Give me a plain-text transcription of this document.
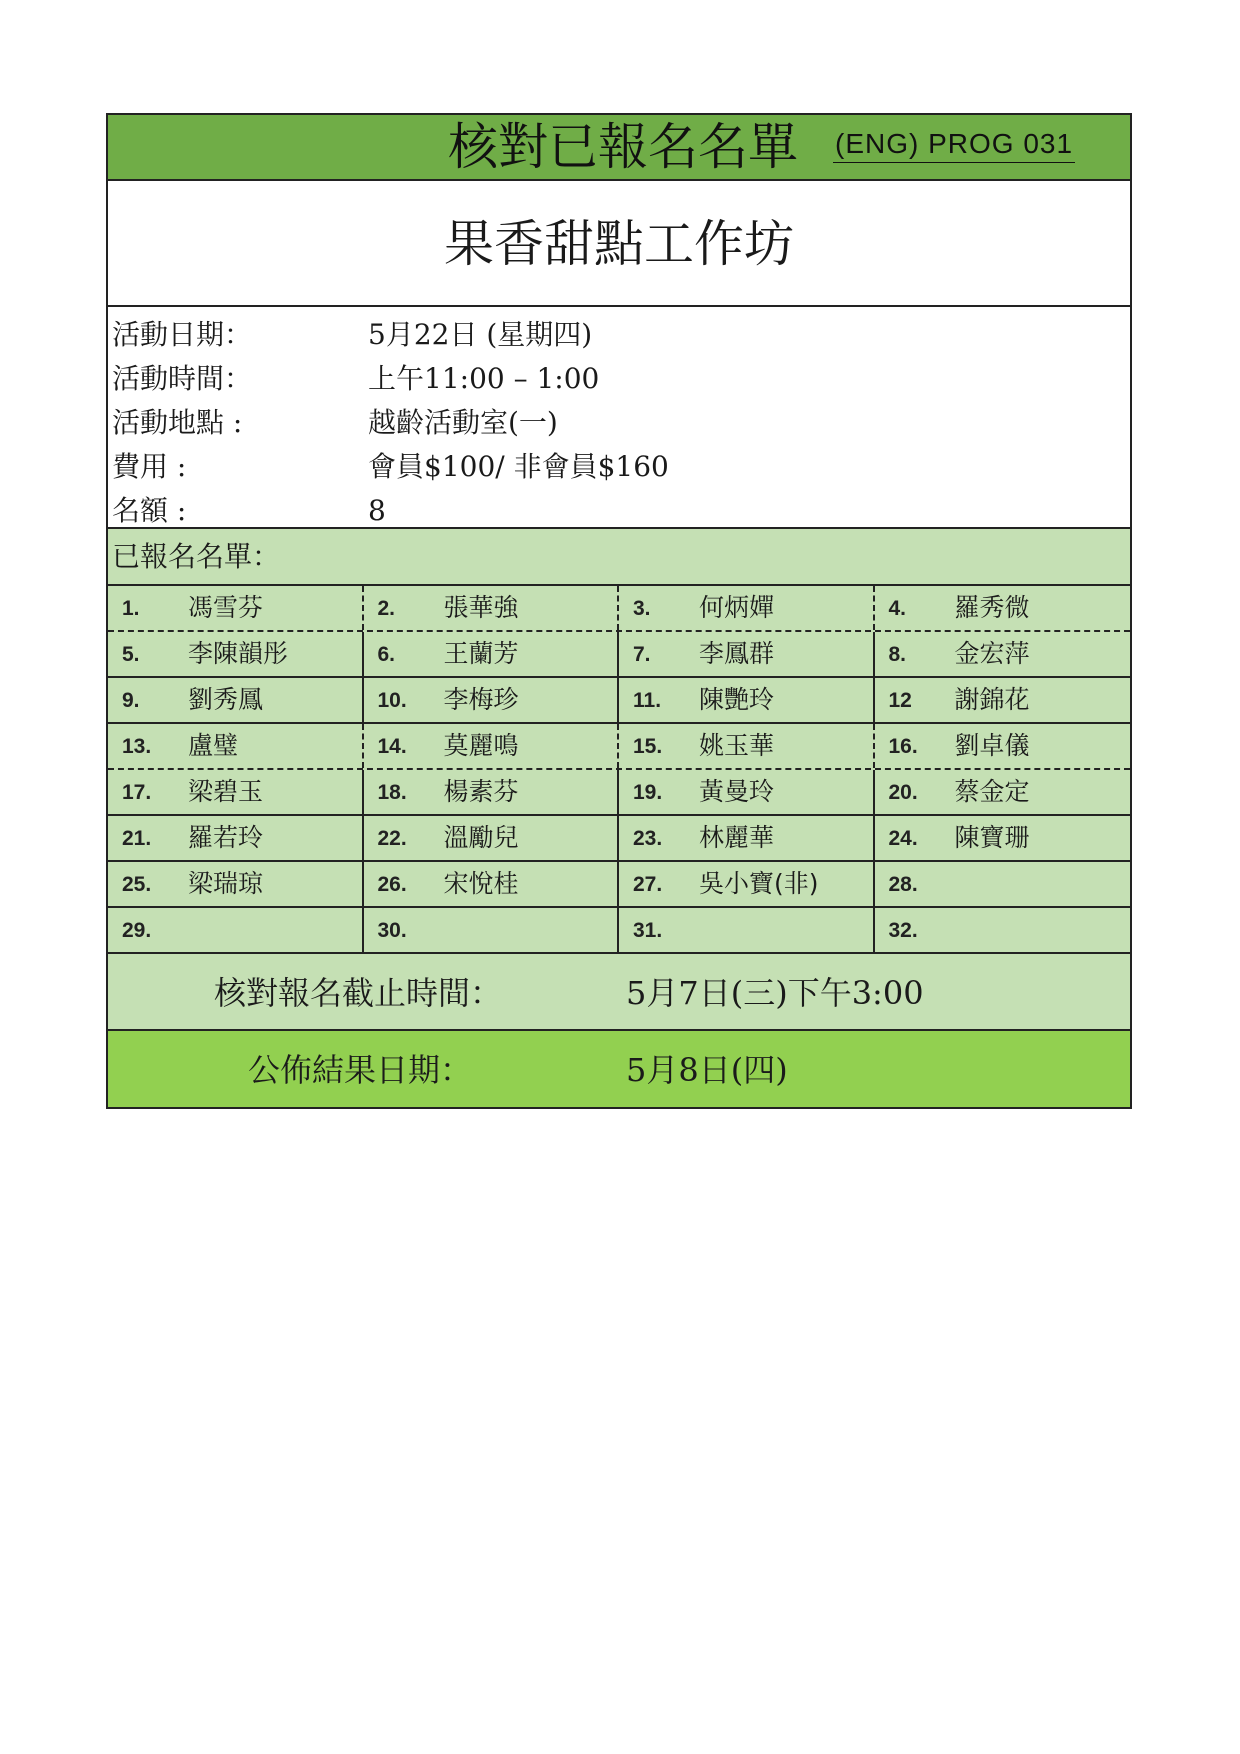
核對已報名名單 (ENG) PROG 031
果香甜點工作坊
活動日期：	5月22日 (星期四)
活動時間：	上午11:00 – 1:00
活動地點 :	越齡活動室(一)
費用 :	會員$100/ 非會員$160
名額 :	8
已報名名單：
1. 馮雪芬	2. 張華強	3. 何炳嬋	4. 羅秀微
5. 李陳韻彤	6. 王蘭芳	7. 李鳳群	8. 金宏萍
9. 劉秀鳳	10. 李梅珍	11. 陳艷玲	12 謝錦花
13. 盧璧	14. 莫麗鳴	15. 姚玉華	16. 劉卓儀
17. 梁碧玉	18. 楊素芬	19. 黃曼玲	20. 蔡金定
21. 羅若玲	22. 溫勵兒	23. 林麗華	24. 陳寶珊
25. 梁瑞琼	26. 宋悅桂	27. 吳小寶(非)	28.
29.	30.	31.	32.
核對報名截止時間：	5月7日(三)下午3:00
公佈結果日期：	5月8日(四)
